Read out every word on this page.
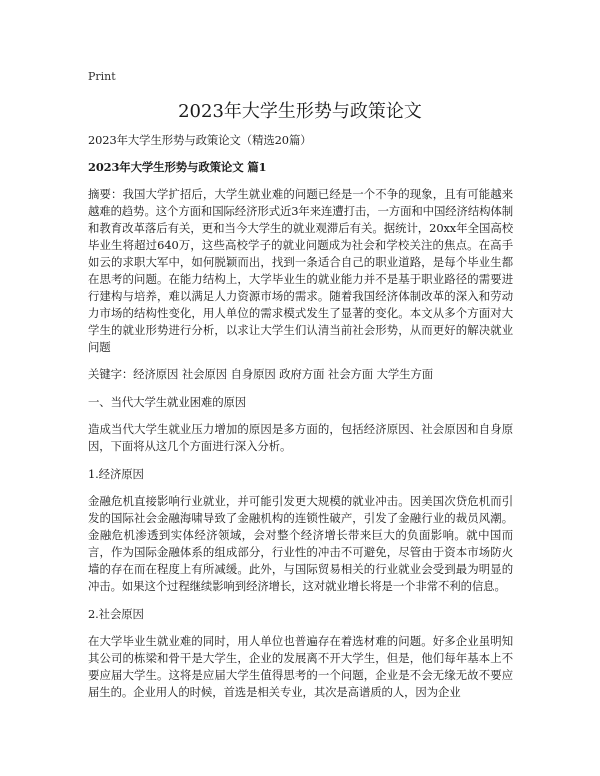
Print
2023年大学生形势与政策论文

2023年大学生形势与政策论文（精选20篇）

2023年大学生形势与政策论文 篇1

摘要：我国大学扩招后，大学生就业难的问题已经是一个不争的现象，且有可能越来越难的趋势。这个方面和国际经济形式近3年来连遭打击，一方面和中国经济结构体制和教育改革落后有关，更和当今大学生的就业观滞后有关。据统计，20xx年全国高校毕业生将超过640万，这些高校学子的就业问题成为社会和学校关注的焦点。在高手如云的求职大军中，如何脱颖而出，找到一条适合自己的职业道路，是每个毕业生都在思考的问题。在能力结构上，大学毕业生的就业能力并不是基于职业路径的需要进行建构与培养，难以满足人力资源市场的需求。随着我国经济体制改革的深入和劳动力市场的结构性变化，用人单位的需求模式发生了显著的变化。本文从多个方面对大学生的就业形势进行分析，以求让大学生们认清当前社会形势，从而更好的解决就业问题

关键字：经济原因 社会原因 自身原因 政府方面 社会方面 大学生方面

一、当代大学生就业困难的原因

造成当代大学生就业压力增加的原因是多方面的，包括经济原因、社会原因和自身原因，下面将从这几个方面进行深入分析。

1.经济原因

金融危机直接影响行业就业，并可能引发更大规模的就业冲击。因美国次贷危机而引发的国际社会金融海啸导致了金融机构的连锁性破产，引发了金融行业的裁员风潮。金融危机渗透到实体经济领域，会对整个经济增长带来巨大的负面影响。就中国而言，作为国际金融体系的组成部分，行业性的冲击不可避免，尽管由于资本市场防火墙的存在而在程度上有所减缓。此外，与国际贸易相关的行业就业会受到最为明显的冲击。如果这个过程继续影响到经济增长，这对就业增长将是一个非常不利的信息。

2.社会原因

在大学毕业生就业难的同时，用人单位也普遍存在着选材难的问题。好多企业虽明知其公司的栋梁和骨干是大学生，企业的发展离不开大学生，但是，他们每年基本上不要应届大学生。这将是应届大学生值得思考的一个问题，企业是不会无缘无故不要应届生的。企业用人的时候，首选是相关专业，其次是高谱质的人，因为企业
